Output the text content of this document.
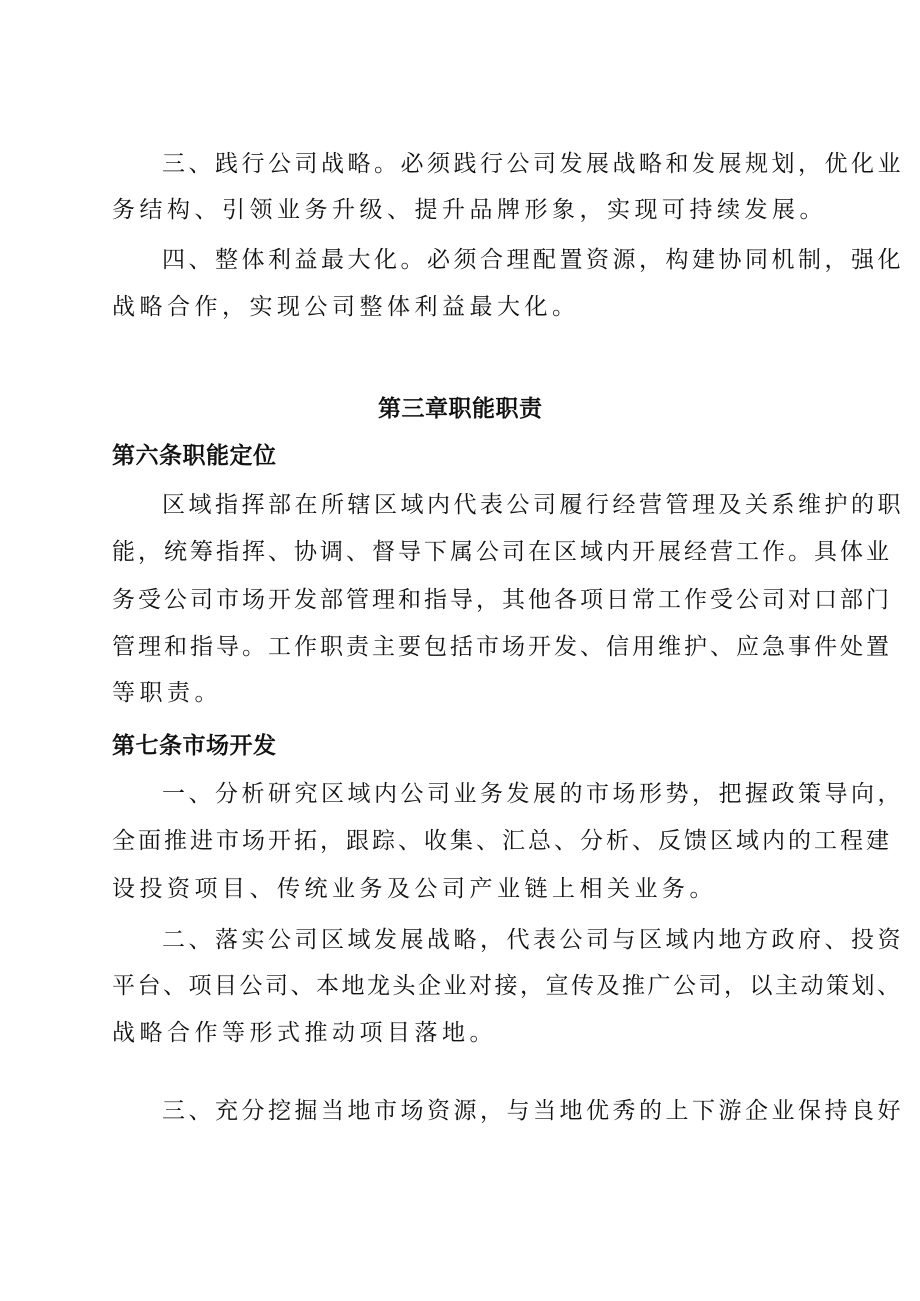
三、践行公司战略。必须践行公司发展战略和发展规划，优化业

务结构、引领业务升级、提升品牌形象，实现可持续发展。

四、整体利益最大化。必须合理配置资源，构建协同机制，强化

战略合作，实现公司整体利益最大化。

第三章职能职责
第六条职能定位

区域指挥部在所辖区域内代表公司履行经营管理及关系维护的职

能，统筹指挥、协调、督导下属公司在区域内开展经营工作。具体业

务受公司市场开发部管理和指导，其他各项日常工作受公司对口部门

管理和指导。工作职责主要包括市场开发、信用维护、应急事件处置

等职责。

第七条市场开发

一、分析研究区域内公司业务发展的市场形势，把握政策导向，

全面推进市场开拓，跟踪、收集、汇总、分析、反馈区域内的工程建

设投资项目、传统业务及公司产业链上相关业务。

二、落实公司区域发展战略，代表公司与区域内地方政府、投资

平台、项目公司、本地龙头企业对接，宣传及推广公司，以主动策划、

战略合作等形式推动项目落地。

三、充分挖掘当地市场资源，与当地优秀的上下游企业保持良好
